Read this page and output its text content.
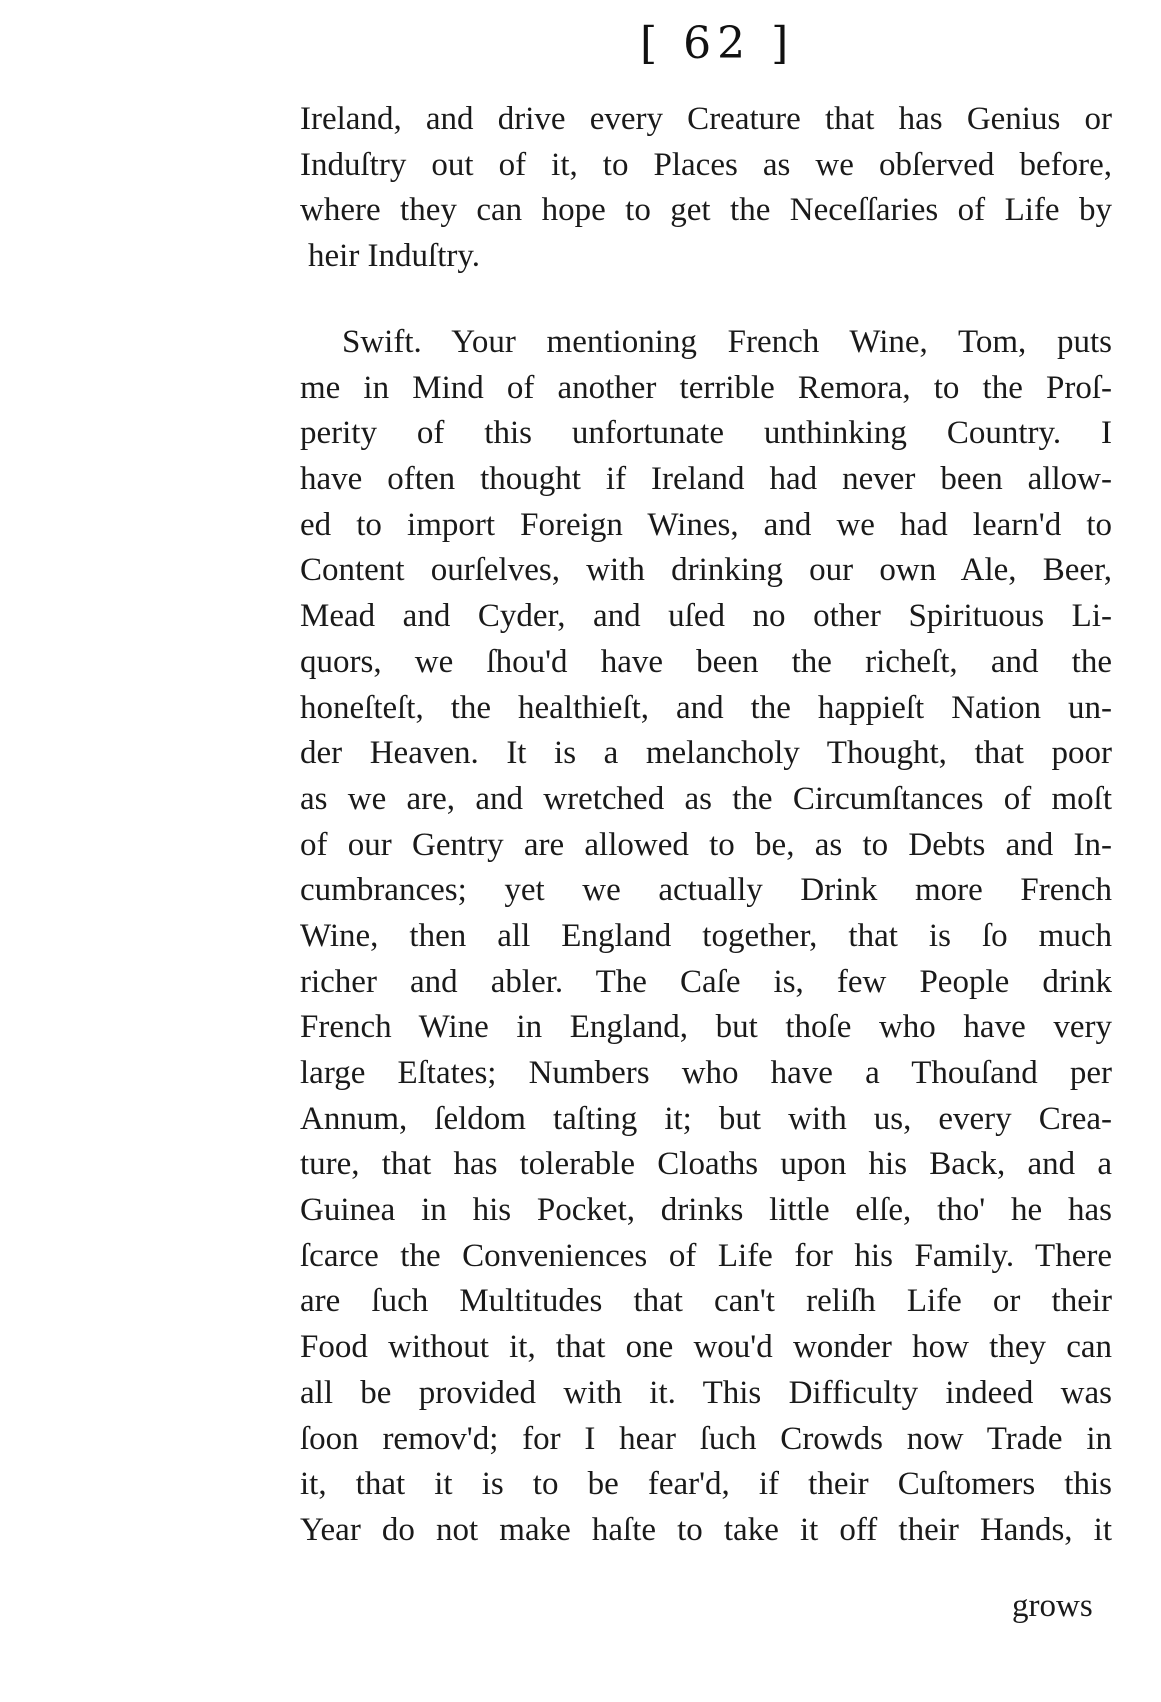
[ 62 ]
Ireland, and drive every Creature that has Genius or
Induſtry out of it, to Places as we obſerved before,
where they can hope to get the Neceſſaries of Life by
heir Induſtry.
Swift. Your mentioning French Wine, Tom, puts
me in Mind of another terrible Remora, to the Proſ-
perity of this unfortunate unthinking Country. I
have often thought if Ireland had never been allow-
ed to import Foreign Wines, and we had learn'd to
Content ourſelves, with drinking our own Ale, Beer,
Mead and Cyder, and uſed no other Spirituous Li-
quors, we ſhou'd have been the richeſt, and the
honeſteſt, the healthieſt, and the happieſt Nation un-
der Heaven. It is a melancholy Thought, that poor
as we are, and wretched as the Circumſtances of moſt
of our Gentry are allowed to be, as to Debts and In-
cumbrances; yet we actually Drink more French
Wine, then all England together, that is ſo much
richer and abler. The Caſe is, few People drink
French Wine in England, but thoſe who have very
large Eſtates; Numbers who have a Thouſand per
Annum, ſeldom taſting it; but with us, every Crea-
ture, that has tolerable Cloaths upon his Back, and a
Guinea in his Pocket, drinks little elſe, tho' he has
ſcarce the Conveniences of Life for his Family. There
are ſuch Multitudes that can't reliſh Life or their
Food without it, that one wou'd wonder how they can
all be provided with it. This Difficulty indeed was
ſoon remov'd; for I hear ſuch Crowds now Trade in
it, that it is to be fear'd, if their Cuſtomers this
Year do not make haſte to take it off their Hands, it
grows
